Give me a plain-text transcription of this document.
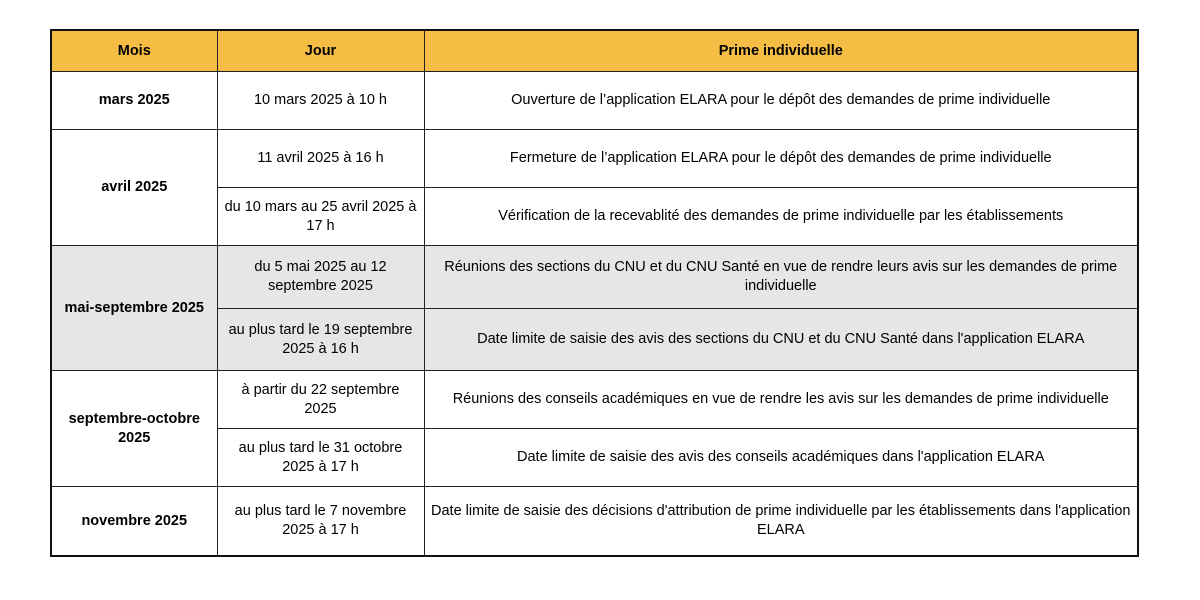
Mois	Jour	Prime individuelle
mars 2025	10 mars 2025 à 10 h	Ouverture de l’application ELARA pour le dépôt des demandes de prime individuelle
avril 2025	11 avril 2025 à 16 h	Fermeture de l’application ELARA pour le dépôt des demandes de prime individuelle
	du 10 mars au 25 avril 2025 à 17 h	Vérification de la recevablité des demandes de prime individuelle par les établissements
mai-septembre 2025	du 5 mai 2025 au 12 septembre 2025	Réunions des sections du CNU et du CNU Santé en vue de rendre leurs avis sur les demandes de prime individuelle
	au plus tard le 19 septembre 2025 à 16 h	Date limite de saisie des avis des sections du CNU et du CNU Santé dans l'application ELARA
septembre-octobre 2025	à partir du 22 septembre 2025	Réunions des conseils académiques en vue de rendre les avis sur les demandes de prime individuelle
	au plus tard le 31 octobre 2025 à 17 h	Date limite de saisie des avis des conseils académiques dans l'application ELARA
novembre 2025	au plus tard le 7 novembre 2025 à 17 h	Date limite de saisie des décisions d'attribution de prime individuelle par les établissements dans l'application ELARA
